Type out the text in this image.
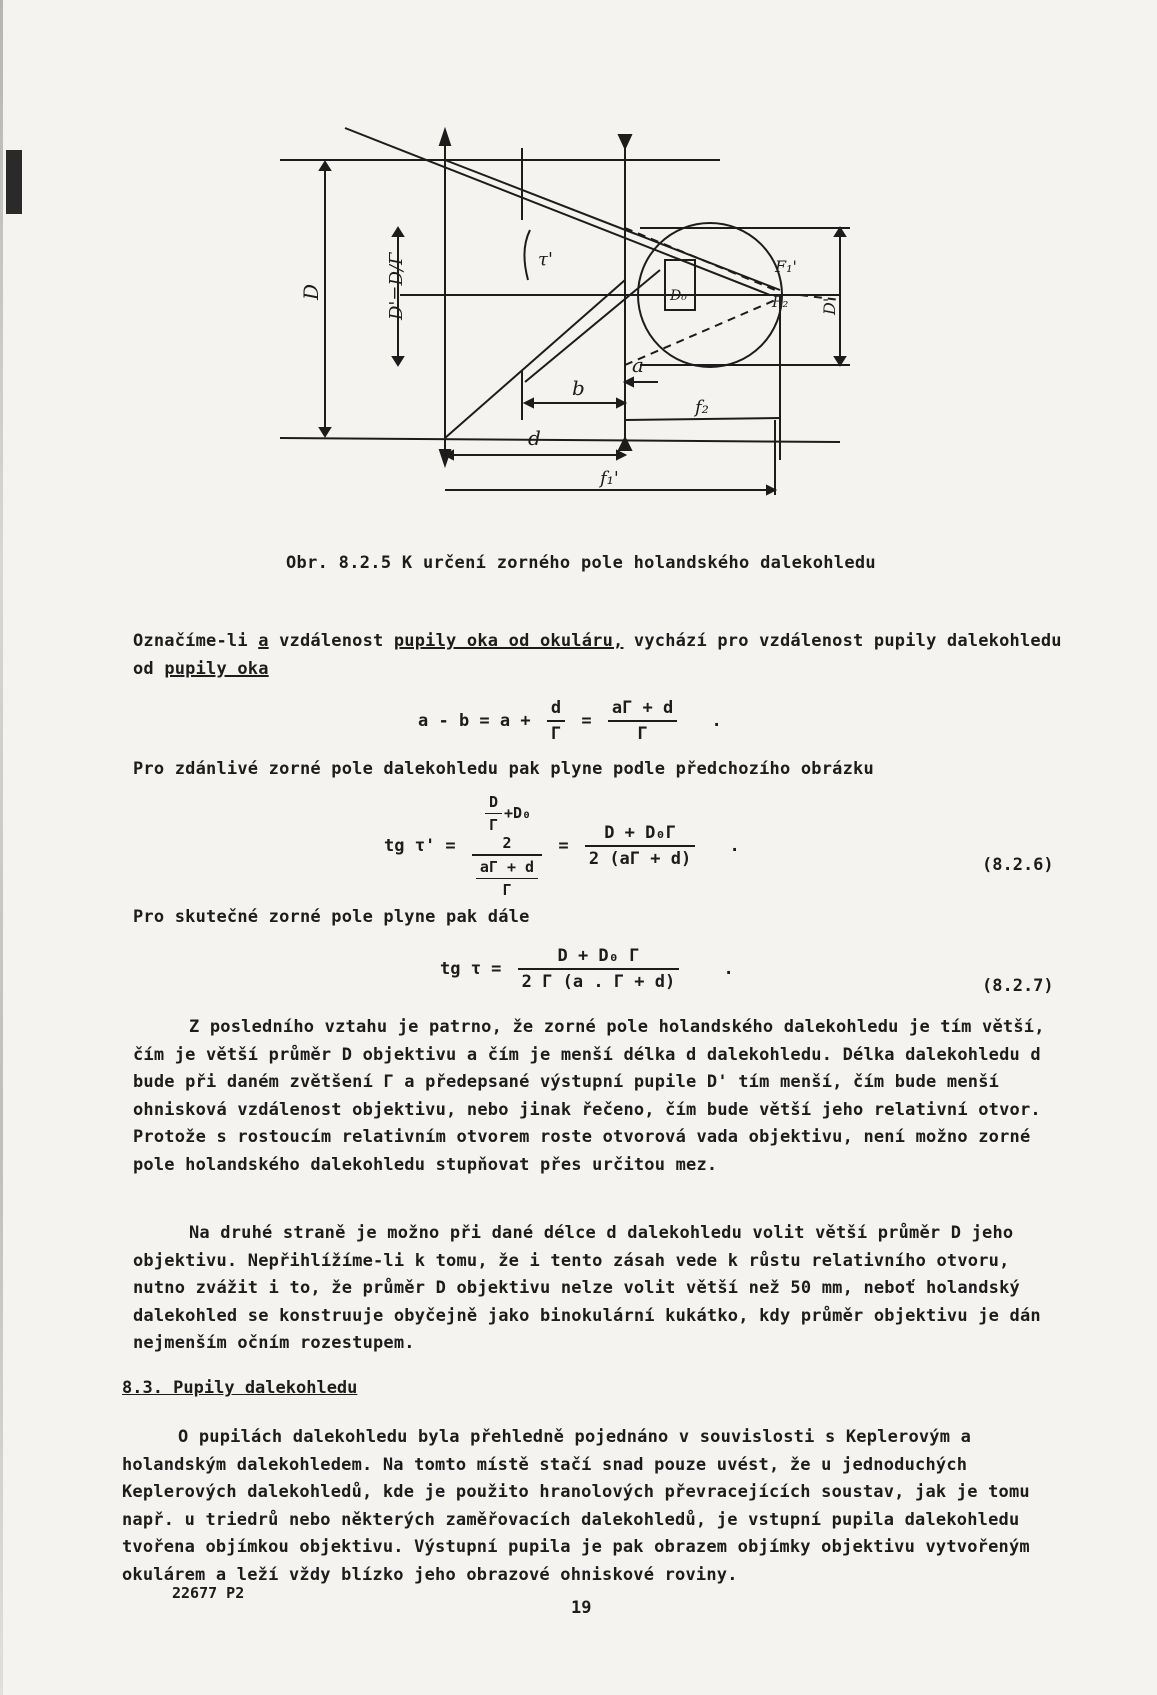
D	D'=D/Γ	τ'
D₀
F₁'
F₂ D'
a
b
f₂
d
f₁'
Obr. 8.2.5 K určení zorného pole holandského dalekohledu
Označíme-li a vzdálenost pupily oka od okuláru, vychází pro vzdálenost pupily dalekohledu od pupily oka
$a - b = a + \frac{d}{\Gamma} = \frac{a\Gamma + d}{\Gamma}$ .
Pro zdánlivé zorné pole dalekohledu pak plyne podle předchozího obrázku
tg τ' =
$\frac{D}{\Gamma} +D_0$
2
$\frac{a\Gamma + d}{\Gamma}$
= $\frac{\text{D + D₀Γ}}{2 (a\Gamma + d)}$ .
(8.2.6)
Pro skutečné zorné pole plyne pak dále
tg $\tau = \frac{\text{D + D₀ Γ}}{2 \Gamma (a . \Gamma + d)}$	.
(8.2.7)
Z posledního vztahu je patrno, že zorné pole holandského dalekohledu je tím větší, čím je větší průměr D objektivu a čím je menší délka d dalekohledu. Délka dalekohledu d bude při daném zvětšení Γ a předepsané výstupní pupile D' tím menší, čím bude menší ohnisková vzdálenost objektivu, nebo jinak řečeno, čím bude větší jeho relativní otvor. Protože s rostoucím relativním otvorem roste otvorová vada objektivu, není možno zorné pole holandského dalekohledu stupňovat přes určitou mez.
Na druhé straně je možno při dané délce d dalekohledu volit větší průměr D jeho objektivu. Nepřihlížíme-li k tomu, že i tento zásah vede k růstu relativního otvoru, nutno zvážit i to, že průměr D objektivu nelze volit větší než 50 mm, neboť holandský dalekohled se konstruuje obyčejně jako binokulární kukátko, kdy průměr objektivu je dán nejmenším očním rozestupem.
8.3. Pupily dalekohledu
O pupilách dalekohledu byla přehledně pojednáno v souvislosti s Keplerovým a holandským dalekohledem. Na tomto místě stačí snad pouze uvést, že u jednoduchých Keplerových dalekohledů, kde je použito hranolových převracejících soustav, jak je tomu např. u triedrů nebo některých zaměřovacích dalekohledů, je vstupní pupila dalekohledu tvořena objímkou objektivu. Výstupní pupila je pak obrazem objímky objektivu vytvořeným okulárem a leží vždy blízko jeho obrazové ohniskové roviny.
22677 P2
19
